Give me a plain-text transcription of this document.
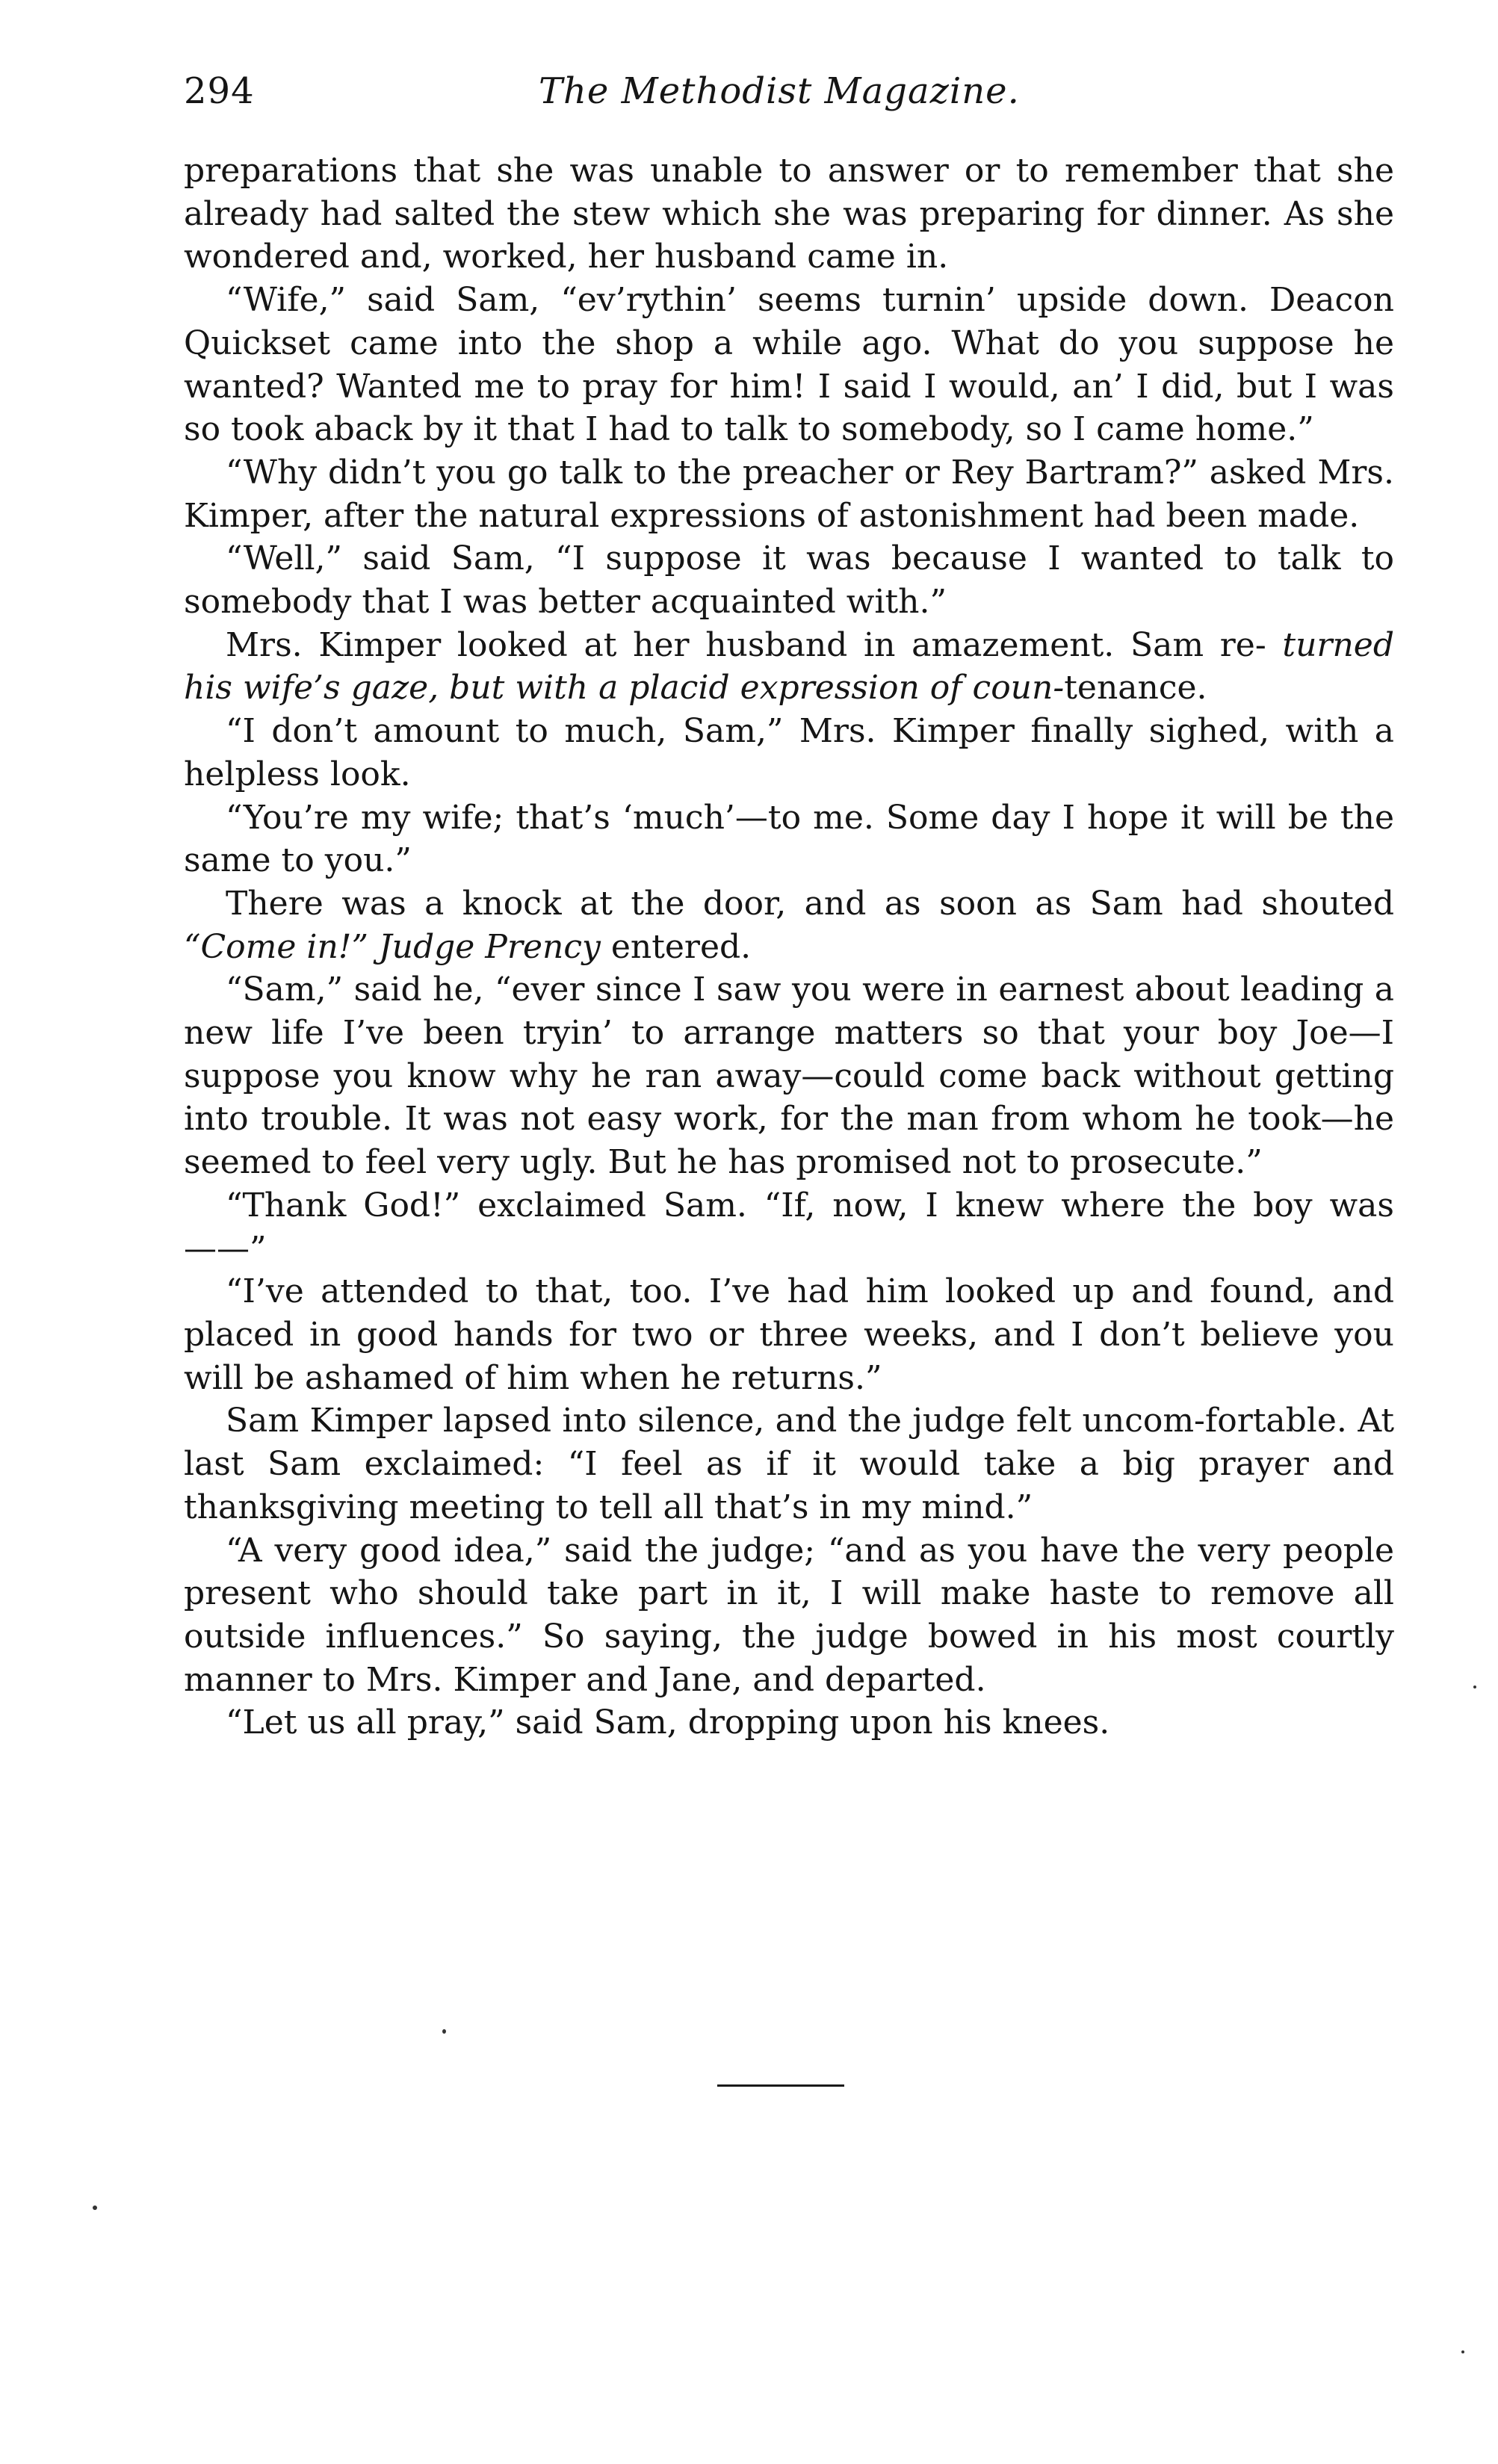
294	The Methodist Magazine.

preparations that she was unable to answer or to remember that she already had salted the stew which she was preparing for dinner. As she wondered and, worked, her husband came in.

“Wife,” said Sam, “ev’rythin’ seems turnin’ upside down. Deacon Quickset came into the shop a while ago. What do you suppose he wanted? Wanted me to pray for him! I said I would, an’ I did, but I was so took aback by it that I had to talk to somebody, so I came home.”

“Why didn’t you go talk to the preacher or Rey Bartram?” asked Mrs. Kimper, after the natural expressions of astonishment had been made.

“Well,” said Sam, “I suppose it was because I wanted to talk to somebody that I was better acquainted with.”

Mrs. Kimper looked at her husband in amazement. Sam re- turned his wife’s gaze, but with a placid expression of coun-tenance.

“I don’t amount to much, Sam,” Mrs. Kimper finally sighed, with a helpless look.

“You’re my wife; that’s ‘much’—to me. Some day I hope it will be the same to you.”

There was a knock at the door, and as soon as Sam had shouted “Come in!” Judge Prency entered.

“Sam,” said he, “ever since I saw you were in earnest about leading a new life I’ve been tryin’ to arrange matters so that your boy Joe—I suppose you know why he ran away—could come back without getting into trouble. It was not easy work, for the man from whom he took—he seemed to feel very ugly. But he has promised not to prosecute.”

“Thank God!” exclaimed Sam. “If, now, I knew where the boy was——”

“I’ve attended to that, too. I’ve had him looked up and found, and placed in good hands for two or three weeks, and I don’t believe you will be ashamed of him when he returns.”

Sam Kimper lapsed into silence, and the judge felt uncom-fortable. At last Sam exclaimed: “I feel as if it would take a big prayer and thanksgiving meeting to tell all that’s in my mind.”

“A very good idea,” said the judge; “and as you have the very people present who should take part in it, I will make haste to remove all outside influences.” So saying, the judge bowed in his most courtly manner to Mrs. Kimper and Jane, and departed.

“Let us all pray,” said Sam, dropping upon his knees.
